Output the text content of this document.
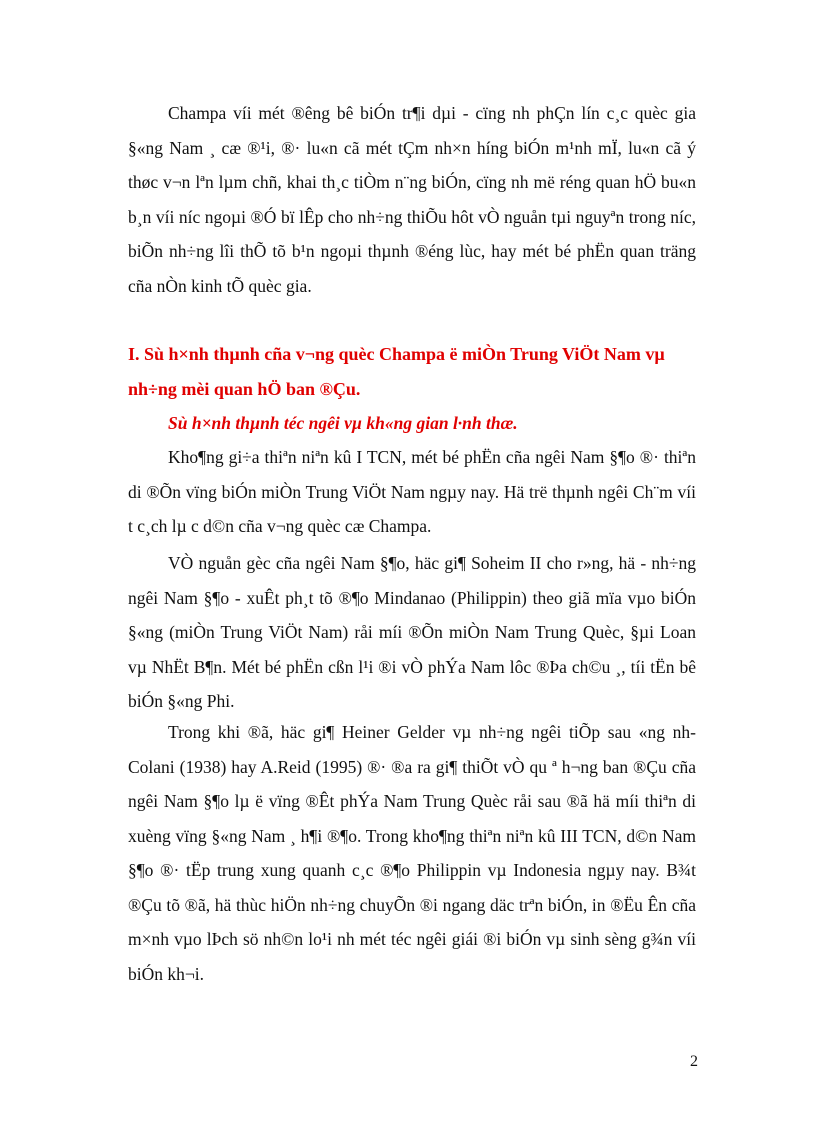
Champa víi mét ®êng bê biÓn tr¶i dµi - cïng nh phÇn lín c¸c quèc gia §«ng Nam ¸ cæ ®¹i, ®· lu«n cã mét tÇm nh×n híng biÓn m¹nh mÏ, lu«n cã ý thøc v¬n lªn lµm chñ, khai th¸c tiÒm n¨ng biÓn, cïng nh më réng quan hÖ bu«n b¸n víi níc ngoµi ®Ó bï lÊp cho nh÷ng thiÕu hôt vÒ nguån tµi nguyªn trong níc, biÕn nh÷ng lîi thÕ tõ b¹n ngoµi thµnh ®éng lùc, hay mét bé phËn quan träng cña nÒn kinh tÕ quèc gia.

I. Sù h×nh thµnh cña v¬ng quèc Champa ë miÒn Trung ViÖt Nam vµ nh÷ng mèi quan hÖ ban ®Çu.

Sù h×nh thµnh téc ngêi vµ kh«ng gian l·nh thæ.

Kho¶ng gi÷a thiªn niªn kû I TCN, mét bé phËn cña ngêi Nam §¶o ®· thiªn di ®Õn vïng biÓn miÒn Trung ViÖt Nam ngµy nay. Hä trë thµnh ngêi Ch¨m víi t c¸ch lµ c d©n cña v¬ng quèc cæ Champa.

VÒ nguån gèc cña ngêi Nam §¶o, häc gi¶ Soheim II cho r»ng, hä - nh÷ng ngêi Nam §¶o - xuÊt ph¸t tõ ®¶o Mindanao (Philippin) theo giã mïa vµo biÓn §«ng (miÒn Trung ViÖt Nam) råi míi ®Õn miÒn Nam Trung Quèc, §µi Loan vµ NhËt B¶n. Mét bé phËn cßn l¹i ®i vÒ phÝa Nam lôc ®Þa ch©u ¸, tíi tËn bê biÓn §«ng Phi.

Trong khi ®ã, häc gi¶ Heiner Gelder vµ nh÷ng ngêi tiÕp sau «ng nh Colani (1938) hay A.Reid (1995) ®· ®a ra gi¶ thiÕt vÒ qu ª h¬ng ban ®Çu cña ngêi Nam §¶o lµ ë vïng ®Êt phÝa Nam Trung Quèc råi sau ®ã hä míi thiªn di xuèng vïng §«ng Nam ¸ h¶i ®¶o. Trong kho¶ng thiªn niªn kû III TCN, d©n Nam §¶o ®· tËp trung xung quanh c¸c ®¶o Philippin vµ Indonesia ngµy nay. B¾t ®Çu tõ ®ã, hä thùc hiÖn nh÷ng chuyÕn ®i ngang däc trªn biÓn, in ®Ëu Ên cña m×nh vµo lÞch sö nh©n lo¹i nh mét téc ngêi giái ®i biÓn vµ sinh sèng g¾n víi biÓn kh¬i.

2
